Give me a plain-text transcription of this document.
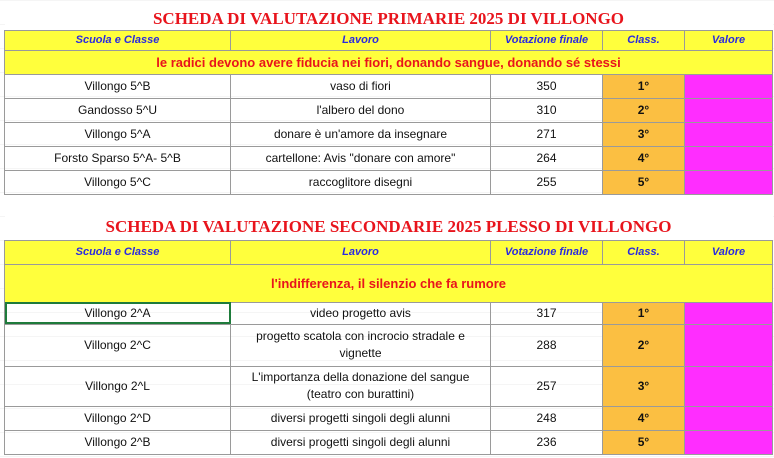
SCHEDA DI VALUTAZIONE PRIMARIE 2025 DI VILLONGO				
Scuola e Classe	Lavoro	Votazione finale	Class.	Valore
le radici devono avere fiducia nei fiori, donando sangue, donando sé stessi				
Villongo 5^B	vaso di fiori	350	1°	
Gandosso 5^U	l'albero del dono	310	2°	
Villongo 5^A	donare è un'amore da insegnare	271	3°	
Forsto Sparso 5^A- 5^B	cartellone: Avis "donare con amore"	264	4°	
Villongo 5^C	raccoglitore disegni	255	5°	
SCHEDA DI VALUTAZIONE SECONDARIE 2025 PLESSO DI VILLONGO				
Scuola e Classe	Lavoro	Votazione finale	Class.	Valore
l'indifferenza, il silenzio che fa rumore				
Villongo 2^A	video progetto avis	317	1°	
Villongo 2^C	progetto scatola con incrocio stradale e vignette	288	2°	
Villongo 2^L	L'importanza della donazione del sangue (teatro con burattini)	257	3°	
Villongo 2^D	diversi progetti singoli degli alunni	248	4°	
Villongo 2^B	diversi progetti singoli degli alunni	236	5°	
